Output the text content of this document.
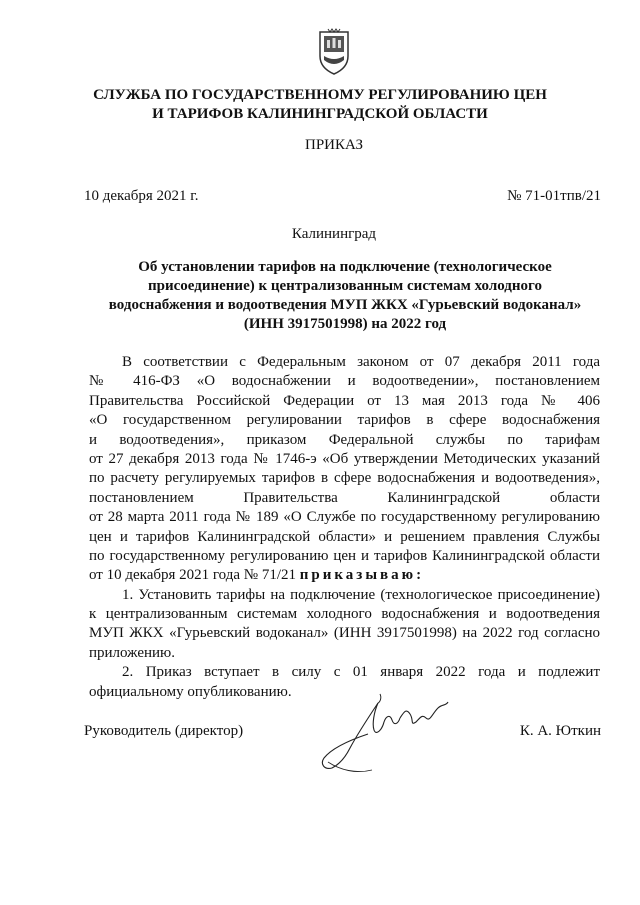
СЛУЖБА ПО ГОСУДАРСТВЕННОМУ РЕГУЛИРОВАНИЮ ЦЕН
И ТАРИФОВ КАЛИНИНГРАДСКОЙ ОБЛАСТИ
ПРИКАЗ
10 декабря 2021 г.	№ 71-01тпв/21
Калининград
Об установлении тарифов на подключение (технологическое
присоединение) к централизованным системам холодного
водоснабжения и водоотведения МУП ЖКХ «Гурьевский водоканал»
(ИНН 3917501998) на 2022 год
В соответствии с Федеральным законом от 07 декабря 2011 года
№ 416-ФЗ «О водоснабжении и водоотведении», постановлением
Правительства Российской Федерации от 13 мая 2013 года № 406
«О государственном регулировании тарифов в сфере водоснабжения
и водоотведения», приказом Федеральной службы по тарифам
от 27 декабря 2013 года № 1746-э «Об утверждении Методических указаний
по расчету регулируемых тарифов в сфере водоснабжения и водоотведения»,
постановлением Правительства Калининградской области
от 28 марта 2011 года № 189 «О Службе по государственному регулированию
цен и тарифов Калининградской области» и решением правления Службы
по государственному регулированию цен и тарифов Калининградской области
от 10 декабря 2021 года № 71/21 приказываю:
1. Установить тарифы на подключение (технологическое присоединение)
к централизованным системам холодного водоснабжения и водоотведения
МУП ЖКХ «Гурьевский водоканал» (ИНН 3917501998) на 2022 год согласно
приложению.
2. Приказ вступает в силу с 01 января 2022 года и подлежит
официальному опубликованию.
Руководитель (директор)	К. А. Юткин
